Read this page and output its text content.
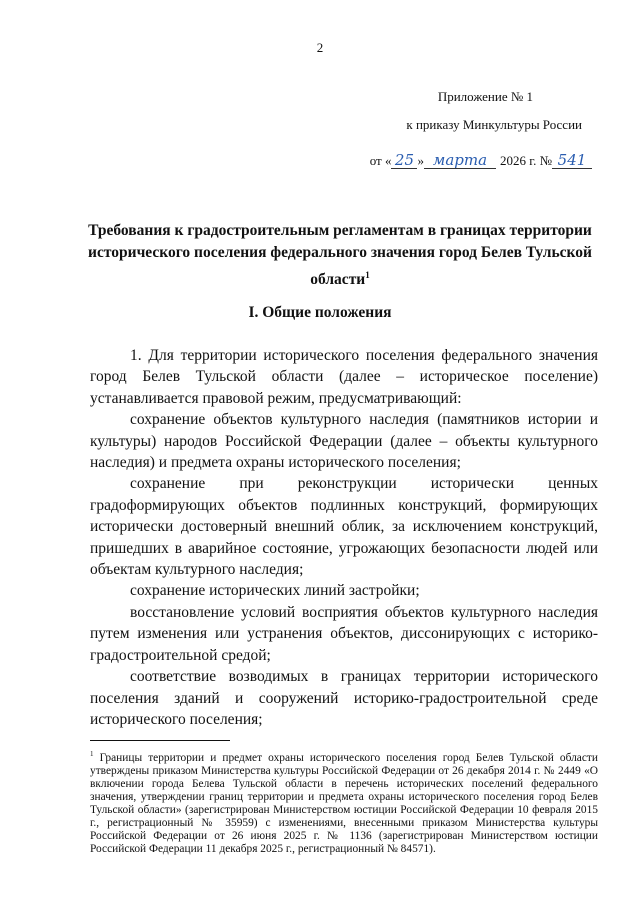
2
Приложение № 1
к приказу Минкультуры России
от « 25 » марта 2026 г. № 541
Требования к градостроительным регламентам в границах территории исторического поселения федерального значения город Белев Тульской области$^1$
I. Общие положения

1. Для территории исторического поселения федерального значения город Белев Тульской области (далее – историческое поселение) устанавливается правовой режим, предусматривающий:

сохранение объектов культурного наследия (памятников истории и культуры) народов Российской Федерации (далее – объекты культурного наследия) и предмета охраны исторического поселения;

сохранение при реконструкции исторически ценных градоформирующих объектов подлинных конструкций, формирующих исторически достоверный внешний облик, за исключением конструкций, пришедших в аварийное состояние, угрожающих безопасности людей или объектам культурного наследия;

сохранение исторических линий застройки;

восстановление условий восприятия объектов культурного наследия путем изменения или устранения объектов, диссонирующих с историко-градостроительной средой;

соответствие возводимых в границах территории исторического поселения зданий и сооружений историко-градостроительной среде исторического поселения;

$^1$ Границы территории и предмет охраны исторического поселения город Белев Тульской области утверждены приказом Министерства культуры Российской Федерации от 26 декабря 2014 г. № 2449 «О включении города Белева Тульской области в перечень исторических поселений федерального значения, утверждении границ территории и предмета охраны исторического поселения город Белев Тульской области» (зарегистрирован Министерством юстиции Российской Федерации 10 февраля 2015 г., регистрационный № 35959) с изменениями, внесенными приказом Министерства культуры Российской Федерации от 26 июня 2025 г. № 1136 (зарегистрирован Министерством юстиции Российской Федерации 11 декабря 2025 г., регистрационный № 84571).
